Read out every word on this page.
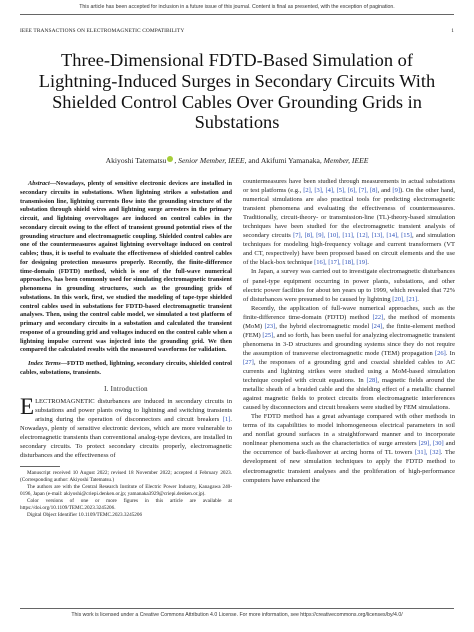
This article has been accepted for inclusion in a future issue of this journal. Content is final as presented, with the exception of pagination.
IEEE TRANSACTIONS ON ELECTROMAGNETIC COMPATIBILITY	1
Three-Dimensional FDTD-Based Simulation of Lightning-Induced Surges in Secondary Circuits With Shielded Control Cables Over Grounding Grids in Substations
Akiyoshi Tatematsu , Senior Member, IEEE, and Akifumi Yamanaka, Member, IEEE

Abstract—Nowadays, plenty of sensitive electronic devices are installed in secondary circuits in substations. When lightning strikes a substation and transmission line, lightning currents flow into the grounding structure of the substation through shield wires and lightning surge arresters in the primary circuit, and lightning overvoltages are induced on control cables in the secondary circuit owing to the effect of transient ground potential rises of the grounding structure and electromagnetic coupling. Shielded control cables are one of the countermeasures against lightning overvoltage induced on control cables; thus, it is useful to evaluate the effectiveness of shielded control cables for designing protection measures properly. Recently, the finite-difference time-domain (FDTD) method, which is one of the full-wave numerical approaches, has been commonly used for simulating electromagnetic transient phenomena in grounding structures, such as the grounding grids of substations. In this work, first, we studied the modeling of tape-type shielded control cables used in substations for FDTD-based electromagnetic transient analyses. Then, using the control cable model, we simulated a test platform of primary and secondary circuits in a substation and calculated the transient response of a grounding grid and voltages induced on the control cable when a lightning impulse current was injected into the grounding grid. We then compared the calculated results with the measured waveforms for validation.

Index Terms—FDTD method, lightning, secondary circuits, shielded control cables, substations, transients.

I. Introduction

ELECTROMAGNETIC disturbances are induced in secondary circuits in substations and power plants owing to lightning and switching transients arising during the operation of disconnectors and circuit breakers [1]. Nowadays, plenty of sensitive electronic devices, which are more vulnerable to electromagnetic transients than conventional analog-type devices, are installed in secondary circuits. To protect secondary circuits properly, electromagnetic disturbances and the effectiveness of

Manuscript received 10 August 2022; revised 18 November 2022; accepted 4 February 2023. (Corresponding author: Akiyoshi Tatematsu.)

The authors are with the Central Research Institute of Electric Power Industry, Kanagawa 240-0196, Japan (e-mail: akiyoshi@criepi.denken.or.jp; yamanaka3929@criepi.denken.or.jp).

Color versions of one or more figures in this article are available at https://doi.org/10.1109/TEMC.2023.3245206.

Digital Object Identifier 10.1109/TEMC.2023.3245206

countermeasures have been studied through measurements in actual substations or test platforms (e.g., [2], [3], [4], [5], [6], [7], [8], and [9]). On the other hand, numerical simulations are also practical tools for predicting electromagnetic transient phenomena and evaluating the effectiveness of countermeasures. Traditionally, circuit-theory- or transmission-line (TL)-theory-based simulation techniques have been studied for the electromagnetic transient analysis of secondary circuits [7], [8], [9], [10], [11], [12], [13], [14], [15], and simulation techniques for modeling high-frequency voltage and current transformers (VT and CT, respectively) have been proposed based on circuit elements and the use of the black-box technique [16], [17], [18], [19].

In Japan, a survey was carried out to investigate electromagnetic disturbances of panel-type equipment occurring in power plants, substations, and other electric power facilities for about ten years up to 1999, which revealed that 72% of disturbances were presumed to be caused by lightning [20], [21].

Recently, the application of full-wave numerical approaches, such as the finite-difference time-domain (FDTD) method [22], the method of moments (MoM) [23], the hybrid electromagnetic model [24], the finite-element method (FEM) [25], and so forth, has been useful for analyzing electromagnetic transient phenomena in 3-D structures and grounding systems since they do not require the assumption of transverse electromagnetic mode (TEM) propagation [26]. In [27], the responses of a grounding grid and coaxial shielded cables to AC currents and lightning strikes were studied using a MoM-based simulation technique coupled with circuit equations. In [28], magnetic fields around the metallic sheath of a braided cable and the shielding effect of a metallic channel against magnetic fields to protect circuits from electromagnetic interferences caused by disconnectors and circuit breakers were studied by FEM simulations.

The FDTD method has a great advantage compared with other methods in terms of its capabilities to model inhomogeneous electrical parameters in soil and nonflat ground surfaces in a straightforward manner and to incorporate nonlinear phenomena such as the characteristics of surge arresters [29], [30] and the occurrence of back-flashover at arcing horns of TL towers [31], [32]. The development of new simulation techniques to apply the FDTD method to electromagnetic transient analyses and the proliferation of high-performance computers have enhanced the

This work is licensed under a Creative Commons Attribution 4.0 License. For more information, see https://creativecommons.org/licenses/by/4.0/
